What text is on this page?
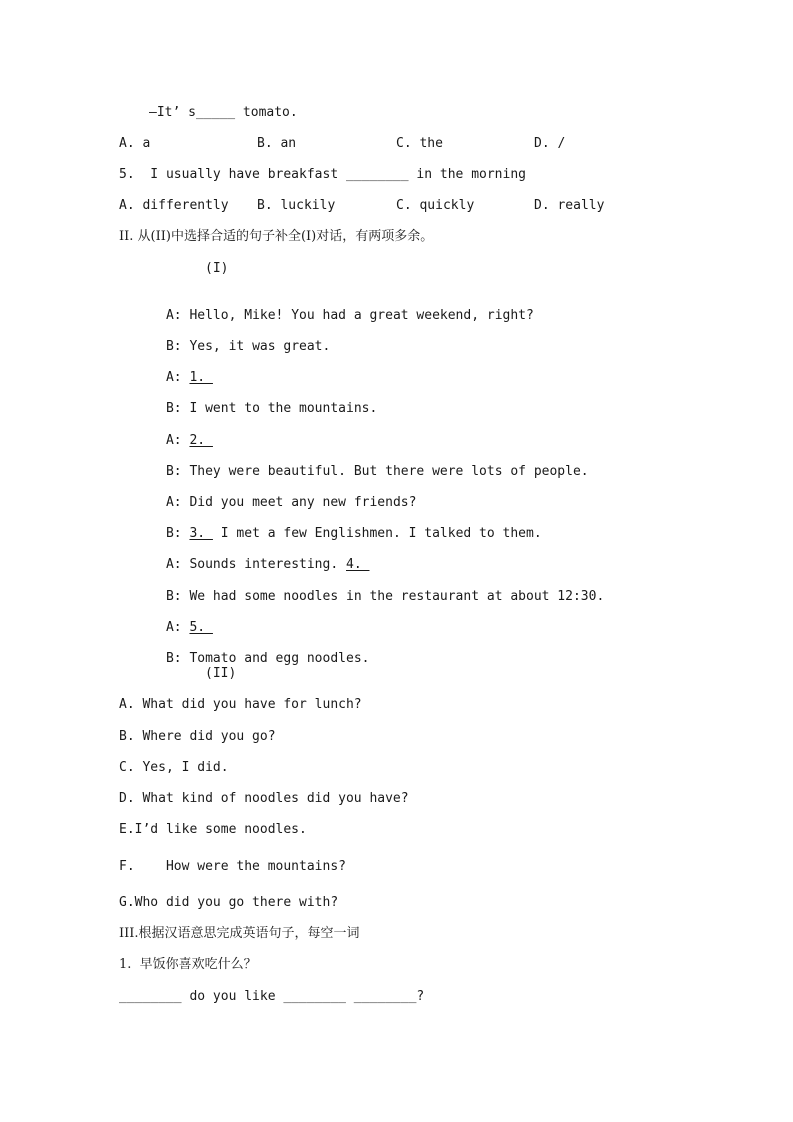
—It’ s_____ tomato.
A. a	B. an	C. the	D. /
5.  I usually have breakfast ________ in the morning
A. differently B. luckily	C. quickly	D. really
II. 从(II)中选择合适的句子补全(I)对话，有两项多余。
(I)

A: Hello, Mike! You had a great weekend, right?

B: Yes, it was great.

A: 1.

B: I went to the mountains.

A: 2.

B: They were beautiful. But there were lots of people.

A: Did you meet any new friends?

B: 3.  I met a few Englishmen. I talked to them.

A: Sounds interesting. 4.

B: We had some noodles in the restaurant at about 12:30.

A: 5.

B: Tomato and egg noodles.

(II)
A. What did you have for lunch?
B. Where did you go?
C. Yes, I did.
D. What kind of noodles did you have?
E.I’d like some noodles.
F.    How were the mountains?
G.Who did you go there with?
III.根据汉语意思完成英语句子，每空一词
1.  早饭你喜欢吃什么？
________ do you like ________ ________?
